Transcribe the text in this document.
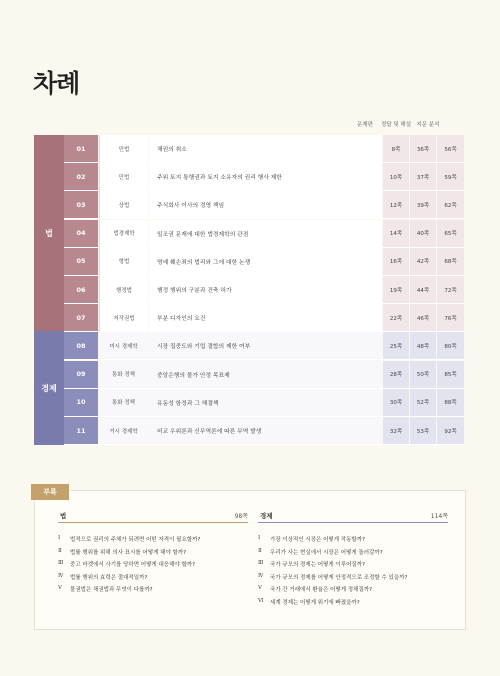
차례
문제편	정답 및 해설 지문 분석
법
경제
01	민법	채권의 취소	8쪽	36쪽	56쪽
02	민법	주위 토지 통행권과 토지 소유자의 권리 행사 제한	10쪽	37쪽	59쪽
03	상법	주식회사 이사의 경영 책임	12쪽	39쪽	62쪽
04	법경제학	일조권 문제에 대한 법경제학의 관점	14쪽	40쪽	65쪽
05	형법	명예 훼손죄의 법리와 그에 대한 논쟁	16쪽	42쪽	68쪽
06	행정법	행정 행위의 구분과 건축 허가	19쪽	44쪽	72쪽
07	저작권법	부분 디자인의 요건	22쪽	46쪽	76쪽
08	미시 경제학	시장 집중도와 기업 결합의 제한 여부	25쪽	48쪽	80쪽
09	통화 정책	중앙은행의 물가 안정 목표제	28쪽	50쪽	85쪽
10	통화 정책	유동성 함정과 그 해결책	30쪽	52쪽	88쪽
11	거시 경제학	비교 우위론과 신무역론에 따른 무역 발생	32쪽	53쪽	92쪽
부록
법	98쪽
Ⅰ	법적으로 권리의 주체가 되려면 어떤 자격이 필요할까?
Ⅱ	법률 행위를 위해 의사 표시를 어떻게 해야 할까?
Ⅲ	중고 마켓에서 사기를 당하면 어떻게 대응해야 할까?
Ⅳ	법률 행위의 효력은 절대적일까?
Ⅴ	물권법은 채권법과 무엇이 다를까?
경제	114쪽
Ⅰ	가장 이상적인 시장은 어떻게 작동할까?
Ⅱ	우리가 사는 현실에서 시장은 어떻게 돌러갈까?
Ⅲ	국가 규모의 경제는 어떻게 이루어질까?
Ⅳ	국가 규모의 경제를 어떻게 안정적으로 조정할 수 있을까?
Ⅴ	국가 간 거래에서 환율은 어떻게 정해질까?
Ⅵ	세계 경제는 어떻게 위기에 빠졌을까?
